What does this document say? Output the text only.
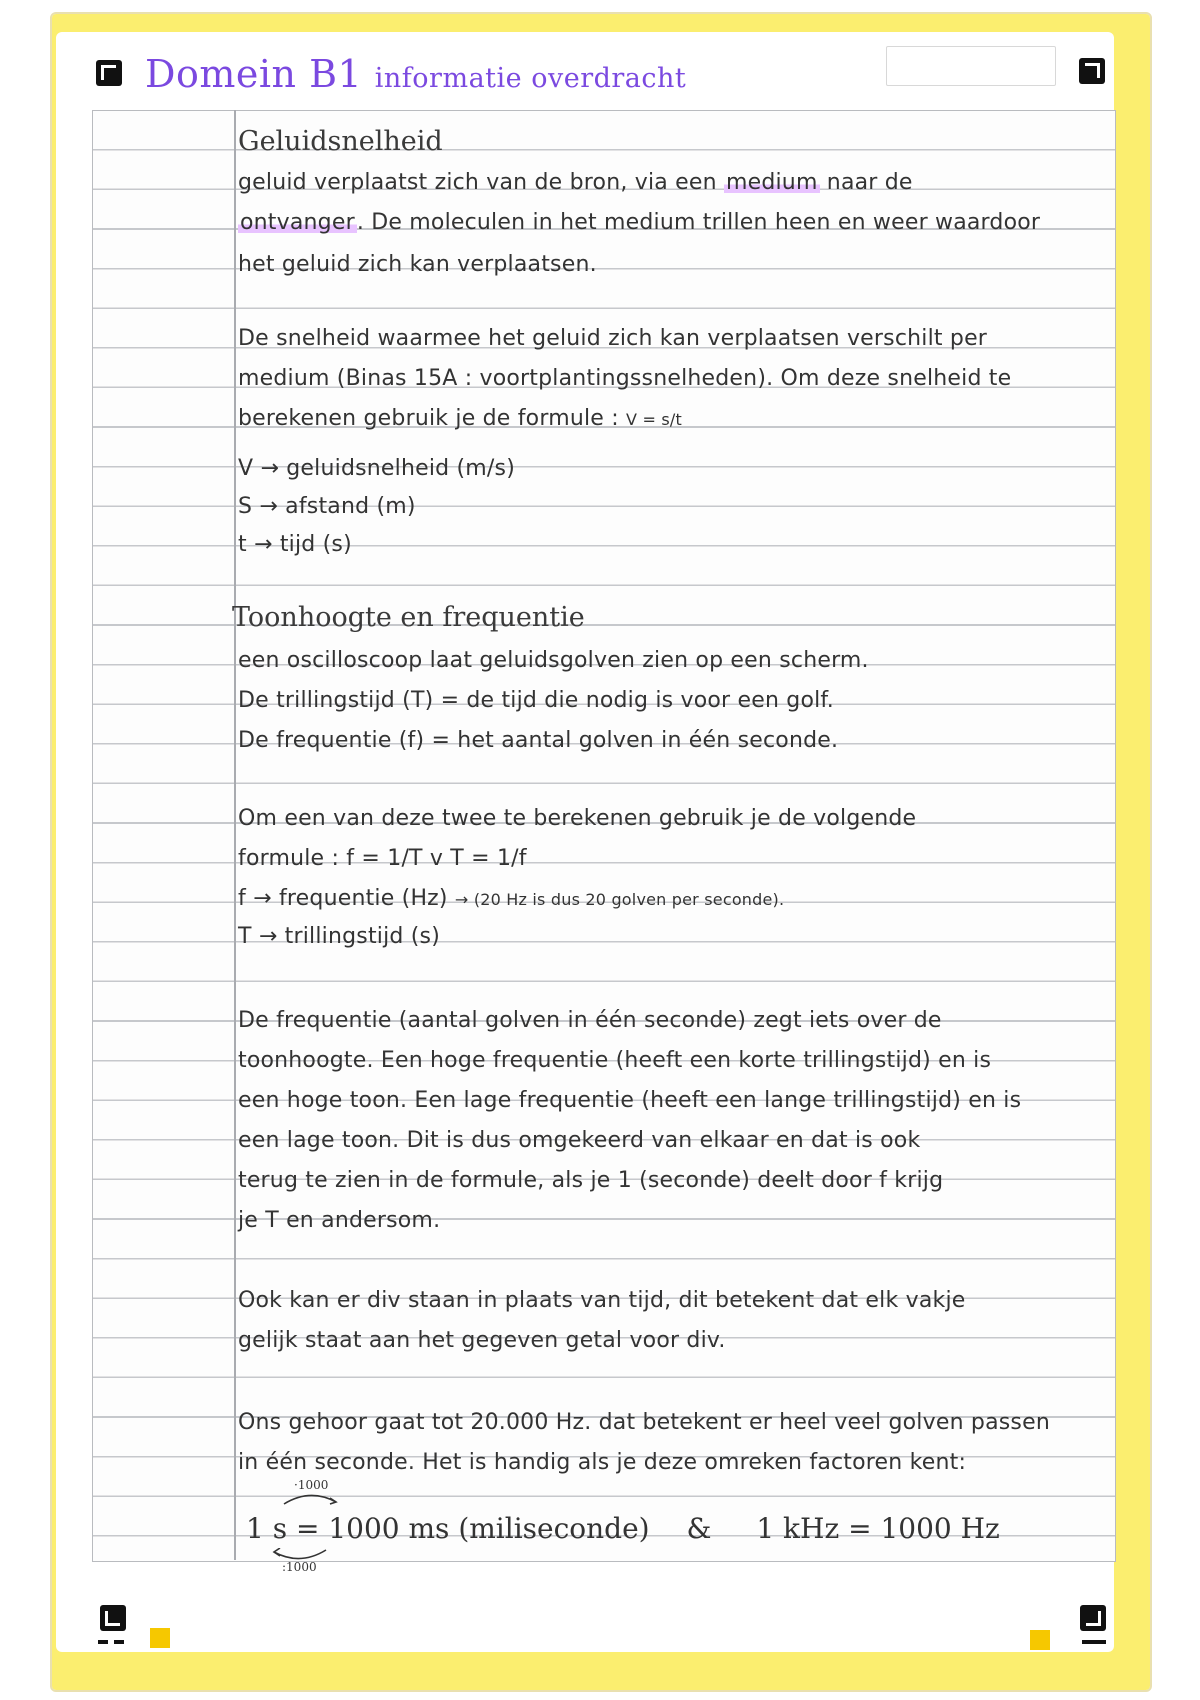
Domein B1 informatie overdracht
Geluidsnelheid
geluid verplaatst zich van de bron, via een medium naar de
ontvanger. De moleculen in het medium trillen heen en weer waardoor
het geluid zich kan verplaatsen.
De snelheid waarmee het geluid zich kan verplaatsen verschilt per
medium (Binas 15A : voortplantingssnelheden). Om deze snelheid te
berekenen gebruik je de formule : V = s/t
V → geluidsnelheid (m/s)
S → afstand (m)
t → tijd (s)
Toonhoogte en frequentie
een oscilloscoop laat geluidsgolven zien op een scherm.
De trillingstijd (T) = de tijd die nodig is voor een golf.
De frequentie (f) = het aantal golven in één seconde.
Om een van deze twee te berekenen gebruik je de volgende
formule : f = 1/T v T = 1/f
f → frequentie (Hz) → (20 Hz is dus 20 golven per seconde).
T → trillingstijd (s)
De frequentie (aantal golven in één seconde) zegt iets over de
toonhoogte. Een hoge frequentie (heeft een korte trillingstijd) en is
een hoge toon. Een lage frequentie (heeft een lange trillingstijd) en is
een lage toon. Dit is dus omgekeerd van elkaar en dat is ook
terug te zien in de formule, als je 1 (seconde) deelt door f krijg
je T en andersom.
Ook kan er div staan in plaats van tijd, dit betekent dat elk vakje
gelijk staat aan het gegeven getal voor div.
Ons gehoor gaat tot 20.000 Hz. dat betekent er heel veel golven passen
in één seconde. Het is handig als je deze omreken factoren kent:
·1000
1 s = 1000 ms (miliseconde) & 1 kHz = 1000 Hz
:1000
